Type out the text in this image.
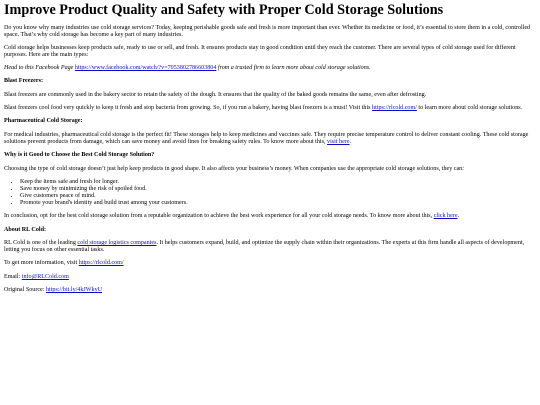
Improve Product Quality and Safety with Proper Cold Storage Solutions

Do you know why many industries use cold storage services? Today, keeping perishable goods safe and fresh is more important than ever. Whether its medicine or food, it’s essential to store them in a cold, controlled space. That’s why cold storage has become a key part of many industries.

Cold storage helps businesses keep products safe, ready to use or sell, and fresh. It ensures products stay in good condition until they reach the customer. There are several types of cold storage used for different purposes. Here are the main types:

Head to this Facebook Page https://www.facebook.com/watch/?v=7053802786603804 from a trusted firm to learn more about cold storage solutions.

Blast Freezers:

Blast freezers are commonly used in the bakery sector to retain the safety of the dough. It ensures that the quality of the baked goods remains the same, even after defrosting.

Blast freezers cool food very quickly to keep it fresh and stop bacteria from growing. So, if you run a bakery, having blast freezers is a must! Visit this https://rlcold.com/ to learn more about cold storage solutions.

Pharmaceutical Cold Storage:

For medical industries, pharmaceutical cold storage is the perfect fit! These storages help to keep medicines and vaccines safe. They require precise temperature control to deliver constant cooling. These cold storage solutions prevent products from damage, which can save money and avoid fines for breaking safety rules. To know more about this, visit here.

Why is it Good to Choose the Best Cold Storage Solution?

Choosing the type of cold storage doesn’t just help keep products in good shape. It also affects your business’s money. When companies use the appropriate cold storage solutions, they can:

• Keep the items safe and fresh for longer.
• Save money by minimizing the risk of spoiled food.
• Give customers peace of mind.
• Promote your brand's identity and build trust among your customers.

In conclusion, opt for the best cold storage solution from a reputable organization to achieve the best work experience for all your cold storage needs. To know more about this, click here.

About RL Cold:

RL Cold is one of the leading cold storage logistics companies. It helps customers expand, build, and optimize the supply chain within their organizations. The experts at this firm handle all aspects of development, letting you focus on other essential tasks.

To get more information, visit https://rlcold.com/

Email: info@RLCold.com

Original Source: https://bit.ly/4kJWkyU
